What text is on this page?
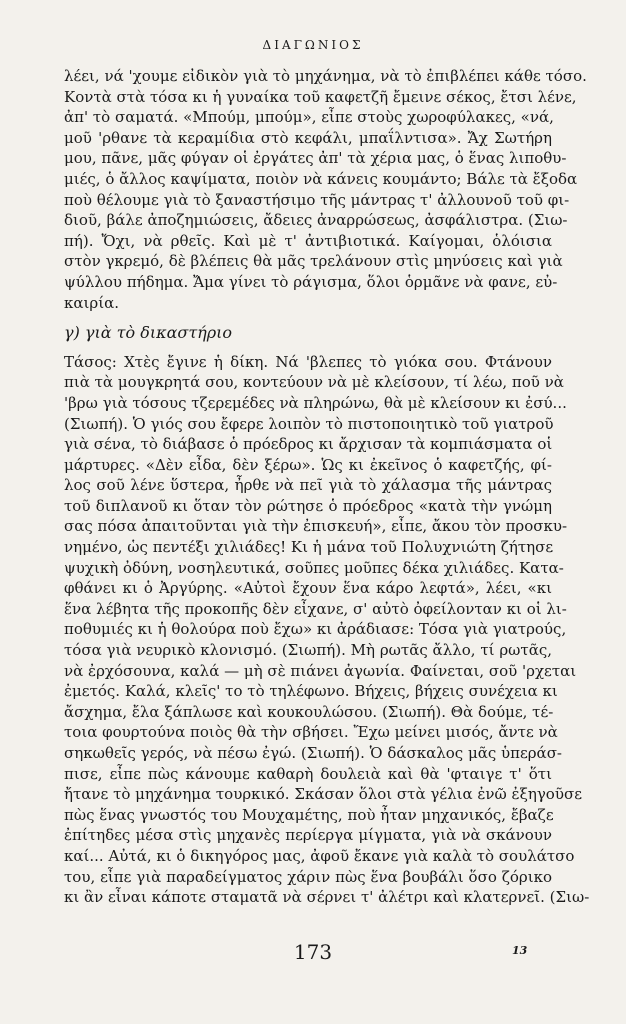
ΔΙΑΓΩΝΙΟΣ
λέει, νά 'χουμε εἰδικὸν γιὰ τὸ μηχάνημα, νὰ τὸ ἐπιβλέπει κάθε τόσο.
Κοντὰ στὰ τόσα κι ἡ γυναίκα τοῦ καφετζῆ ἔμεινε σέκος, ἔτσι λένε,
ἀπ' τὸ σαματά. «Μπούμ, μπούμ», εἶπε στοὺς χωροφύλακες, «νά,
μοῦ 'ρθανε τὰ κεραμίδια στὸ κεφάλι, μπαΐλντισα». Ἄχ Σωτήρη
μου, πᾶνε, μᾶς φύγαν οἱ ἐργάτες ἀπ' τὰ χέρια μας, ὁ ἕνας λιποθυ-
μιές, ὁ ἄλλος καψίματα, ποιὸν νὰ κάνεις κουμάντο; Βάλε τὰ ἔξοδα
ποὺ θέλουμε γιὰ τὸ ξαναστήσιμο τῆς μάντρας τ' ἀλλουνοῦ τοῦ φι-
διοῦ, βάλε ἀποζημιώσεις, ἄδειες ἀναρρώσεως, ἀσφάλιστρα. (Σιω-
πή). Ὄχι, νὰ ρθεῖς. Καὶ μὲ τ' ἀντιβιοτικά. Καίγομαι, ὁλόισια
στὸν γκρεμό, δὲ βλέπεις θὰ μᾶς τρελάνουν στὶς μηνύσεις καὶ γιὰ
ψύλλου πήδημα. Ἄμα γίνει τὸ ράγισμα, ὅλοι ὁρμᾶνε νὰ φανε, εὐ-
καιρία.
γ) γιὰ τὸ δικαστήριο
Τάσος: Χτὲς ἔγινε ἡ δίκη. Νά 'βλεπες τὸ γιόκα σου. Φτάνουν
πιὰ τὰ μουγκρητά σου, κοντεύουν νὰ μὲ κλείσουν, τί λέω, ποῦ νὰ
'βρω γιὰ τόσους τζερεμέδες νὰ πληρώνω, θὰ μὲ κλείσουν κι ἐσύ...
(Σιωπή). Ὁ γιός σου ἔφερε λοιπὸν τὸ πιστοποιητικὸ τοῦ γιατροῦ
γιὰ σένα, τὸ διάβασε ὁ πρόεδρος κι ἄρχισαν τὰ κομπιάσματα οἱ
μάρτυρες. «Δὲν εἶδα, δὲν ξέρω». Ὡς κι ἐκεῖνος ὁ καφετζής, φί-
λος σοῦ λένε ὕστερα, ἦρθε νὰ πεῖ γιὰ τὸ χάλασμα τῆς μάντρας
τοῦ διπλανοῦ κι ὅταν τὸν ρώτησε ὁ πρόεδρος «κατὰ τὴν γνώμη
σας πόσα ἀπαιτοῦνται γιὰ τὴν ἐπισκευή», εἶπε, ἄκου τὸν προσκυ-
νημένο, ὡς πεντέξι χιλιάδες! Κι ἡ μάνα τοῦ Πολυχνιώτη ζήτησε
ψυχικὴ ὀδύνη, νοσηλευτικά, σοῦπες μοῦπες δέκα χιλιάδες. Κατα-
φθάνει κι ὁ Ἀργύρης. «Αὐτοὶ ἔχουν ἕνα κάρο λεφτά», λέει, «κι
ἕνα λέβητα τῆς προκοπῆς δὲν εἶχανε, σ' αὐτὸ ὀφείλονταν κι οἱ λι-
ποθυμιές κι ἡ θολούρα ποὺ ἔχω» κι ἀράδιασε: Τόσα γιὰ γιατρούς,
τόσα γιὰ νευρικὸ κλονισμό. (Σιωπή). Μὴ ρωτᾶς ἄλλο, τί ρωτᾶς,
νὰ ἐρχόσουνα, καλά — μὴ σὲ πιάνει ἀγωνία. Φαίνεται, σοῦ 'ρχεται
ἐμετός. Καλά, κλεῖς' το τὸ τηλέφωνο. Βήχεις, βήχεις συνέχεια κι
ἄσχημα, ἔλα ξάπλωσε καὶ κουκουλώσου. (Σιωπή). Θὰ δούμε, τέ-
τοια φουρτούνα ποιὸς θὰ τὴν σβήσει. Ἔχω μείνει μισός, ἄντε νὰ
σηκωθεῖς γερός, νὰ πέσω ἐγώ. (Σιωπή). Ὁ δάσκαλος μᾶς ὑπεράσ-
πισε, εἶπε πὼς κάνουμε καθαρὴ δουλειὰ καὶ θὰ 'φταιγε τ' ὅτι
ἤτανε τὸ μηχάνημα τουρκικό. Σκάσαν ὅλοι στὰ γέλια ἐνῶ ἐξηγοῦσε
πὼς ἕνας γνωστός του Μουχαμέτης, ποὺ ἦταν μηχανικός, ἔβαζε
ἐπίτηδες μέσα στὶς μηχανὲς περίεργα μίγματα, γιὰ νὰ σκάνουν
καί... Αὐτά, κι ὁ δικηγόρος μας, ἀφοῦ ἔκανε γιὰ καλὰ τὸ σουλάτσο
του, εἶπε γιὰ παραδείγματος χάριν πὼς ἕνα βουβάλι ὅσο ζόρικο
κι ἂν εἶναι κάποτε σταματᾶ νὰ σέρνει τ' ἀλέτρι καὶ κλατερνεῖ. (Σιω-
173	13
